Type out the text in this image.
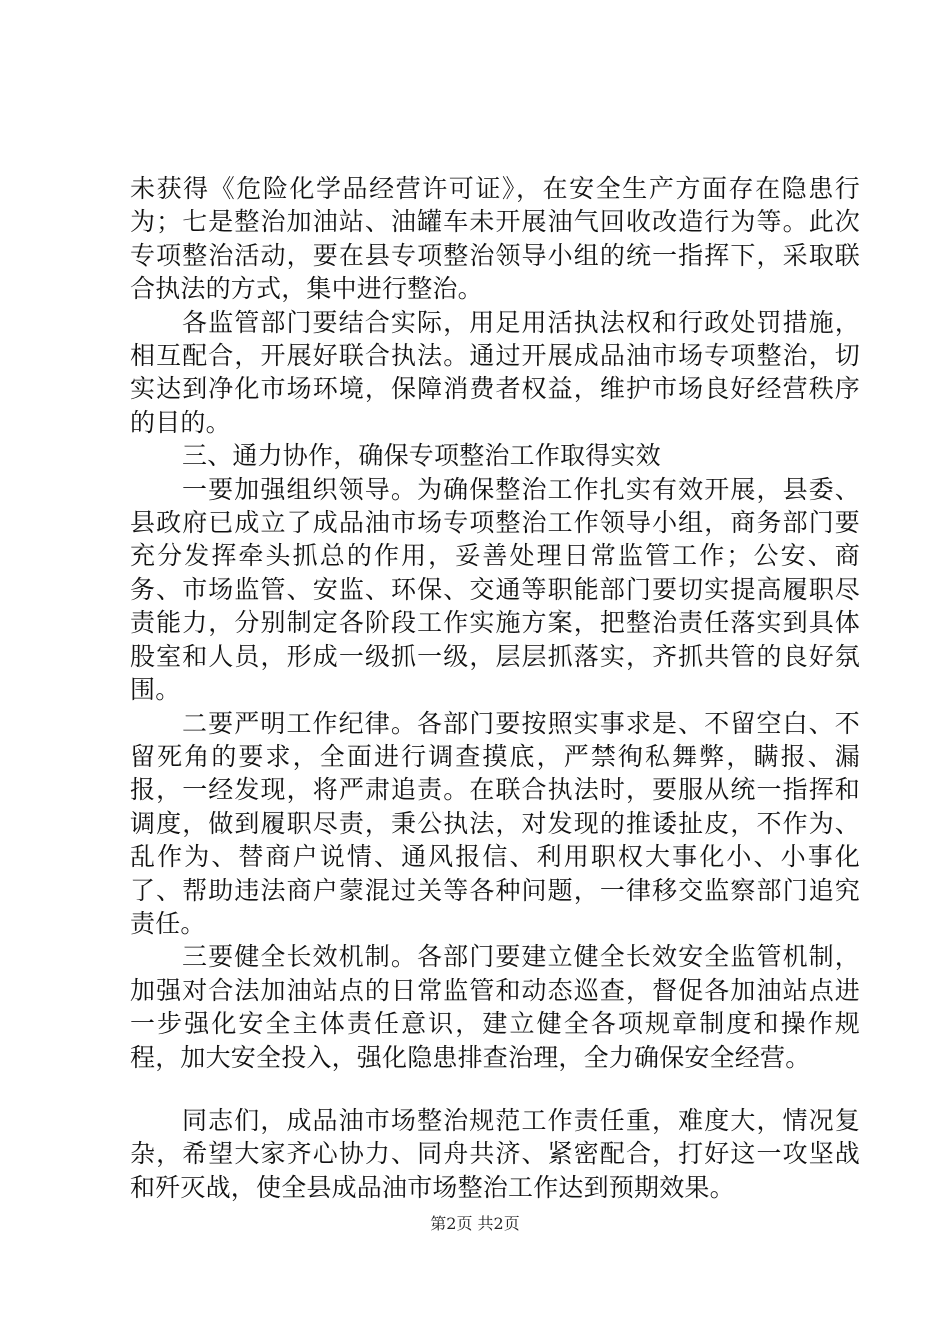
未获得《危险化学品经营许可证》，在安全生产方面存在隐患行为；七是整治加油站、油罐车未开展油气回收改造行为等。此次专项整治活动，要在县专项整治领导小组的统一指挥下，采取联合执法的方式，集中进行整治。

各监管部门要结合实际，用足用活执法权和行政处罚措施，相互配合，开展好联合执法。通过开展成品油市场专项整治，切实达到净化市场环境，保障消费者权益，维护市场良好经营秩序的目的。

三、通力协作，确保专项整治工作取得实效

一要加强组织领导。为确保整治工作扎实有效开展，县委、县政府已成立了成品油市场专项整治工作领导小组，商务部门要充分发挥牵头抓总的作用，妥善处理日常监管工作；公安、商务、市场监管、安监、环保、交通等职能部门要切实提高履职尽责能力，分别制定各阶段工作实施方案，把整治责任落实到具体股室和人员，形成一级抓一级，层层抓落实，齐抓共管的良好氛围。

二要严明工作纪律。各部门要按照实事求是、不留空白、不留死角的要求，全面进行调查摸底，严禁徇私舞弊，瞒报、漏报，一经发现，将严肃追责。在联合执法时，要服从统一指挥和调度，做到履职尽责，秉公执法，对发现的推诿扯皮，不作为、乱作为、替商户说情、通风报信、利用职权大事化小、小事化了、帮助违法商户蒙混过关等各种问题，一律移交监察部门追究责任。

三要健全长效机制。各部门要建立健全长效安全监管机制，加强对合法加油站点的日常监管和动态巡查，督促各加油站点进一步强化安全主体责任意识，建立健全各项规章制度和操作规程，加大安全投入，强化隐患排查治理，全力确保安全经营。

同志们，成品油市场整治规范工作责任重，难度大，情况复杂，希望大家齐心协力、同舟共济、紧密配合，打好这一攻坚战和歼灭战，使全县成品油市场整治工作达到预期效果。

第2页 共2页
